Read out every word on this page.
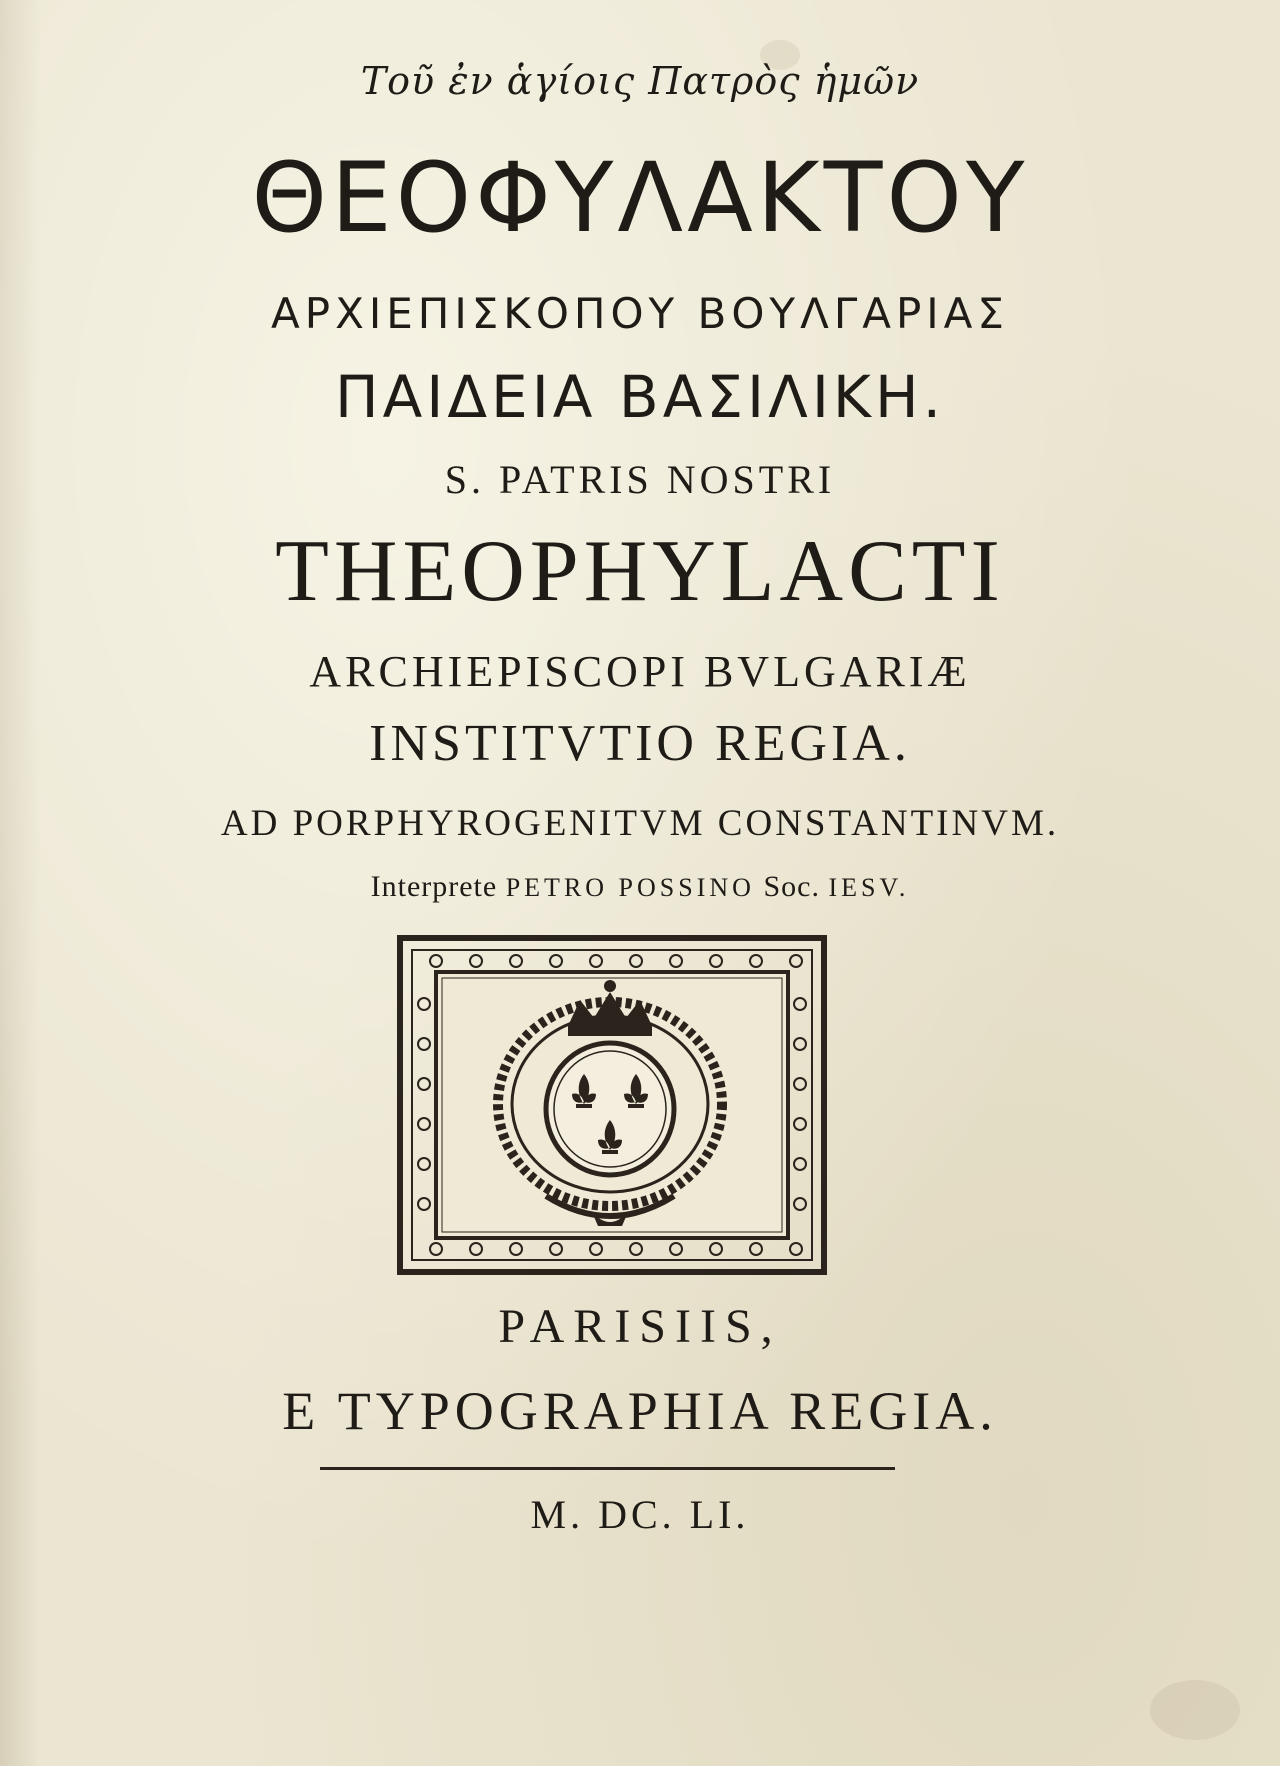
Τοῦ ἐν ἁγίοις Πατρὸς ἡμῶν
ΘΕΟΦΥΛΑΚΤΟΥ
ΑΡΧΙΕΠΙΣΚΟΠΟΥ ΒΟΥΛΓΑΡΙΑΣ
ΠΑΙΔΕΙΑ ΒΑΣΙΛΙΚΗ.
S. PATRIS NOSTRI
THEOPHYLACTI
ARCHIEPISCOPI BVLGARIÆ
INSTITVTIO REGIA.
AD PORPHYROGENITVM CONSTANTINVM.
Interprete PETRO POSSINO Soc. IESV.
PARISIIS,
E TYPOGRAPHIA REGIA.
M. DC. LI.
